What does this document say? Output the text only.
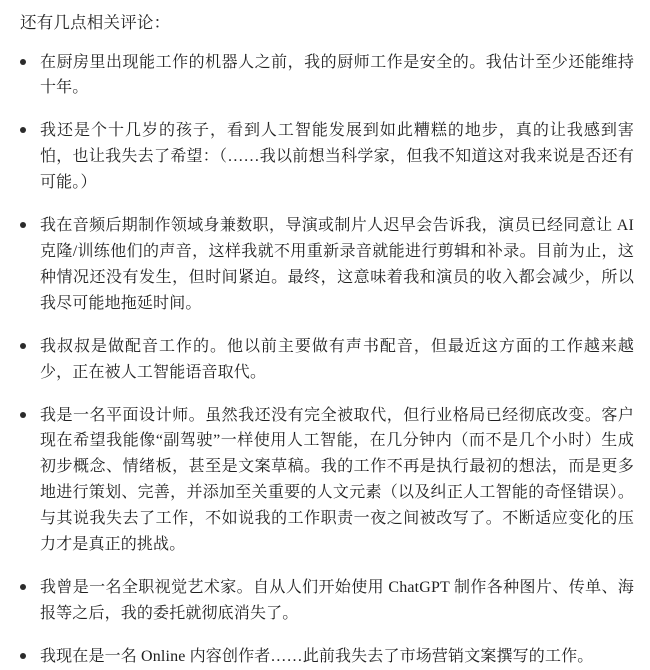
还有几点相关评论：
在厨房里出现能工作的机器人之前，我的厨师工作是安全的。我估计至少还能维持十年。
我还是个十几岁的孩子，看到人工智能发展到如此糟糕的地步，真的让我感到害怕，也让我失去了希望：（……我以前想当科学家，但我不知道这对我来说是否还有可能。）
我在音频后期制作领域身兼数职，导演或制片人迟早会告诉我，演员已经同意让 AI 克隆/训练他们的声音，这样我就不用重新录音就能进行剪辑和补录。目前为止，这种情况还没有发生，但时间紧迫。最终，这意味着我和演员的收入都会减少，所以我尽可能地拖延时间。
我叔叔是做配音工作的。他以前主要做有声书配音，但最近这方面的工作越来越少，正在被人工智能语音取代。
我是一名平面设计师。虽然我还没有完全被取代，但行业格局已经彻底改变。客户现在希望我能像“副驾驶”一样使用人工智能，在几分钟内（而不是几个小时）生成初步概念、情绪板，甚至是文案草稿。我的工作不再是执行最初的想法，而是更多地进行策划、完善，并添加至关重要的人文元素（以及纠正人工智能的奇怪错误）。与其说我失去了工作，不如说我的工作职责一夜之间被改写了。不断适应变化的压力才是真正的挑战。
我曾是一名全职视觉艺术家。自从人们开始使用 ChatGPT 制作各种图片、传单、海报等之后，我的委托就彻底消失了。
我现在是一名 Online 内容创作者……此前我失去了市场营销文案撰写的工作。
